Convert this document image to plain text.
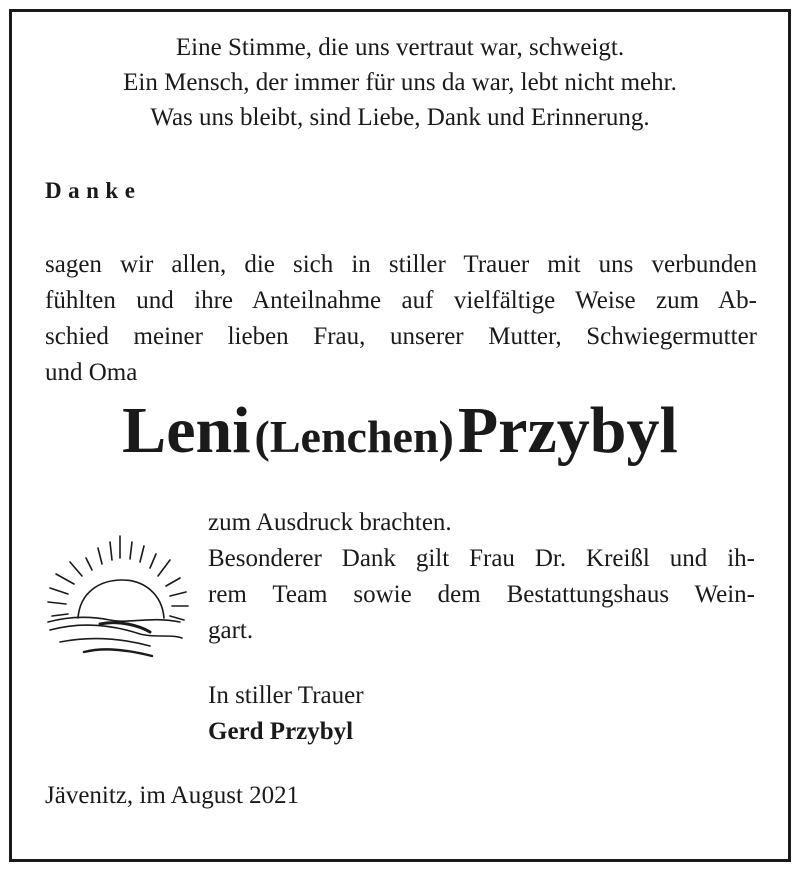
Eine Stimme, die uns vertraut war, schweigt.
Ein Mensch, der immer für uns da war, lebt nicht mehr.
Was uns bleibt, sind Liebe, Dank und Erinnerung.
Danke
sagen wir allen, die sich in stiller Trauer mit uns verbunden
fühlten und ihre Anteilnahme auf vielfältige Weise zum Ab-
schied meiner lieben Frau, unserer Mutter, Schwiegermutter
und Oma
Leni (Lenchen) Przybyl
zum Ausdruck brachten.
Besonderer Dank gilt Frau Dr. Kreißl und ih-
rem Team sowie dem Bestattungshaus Wein-
gart.
In stiller Trauer
Gerd Przybyl
Jävenitz, im August 2021
